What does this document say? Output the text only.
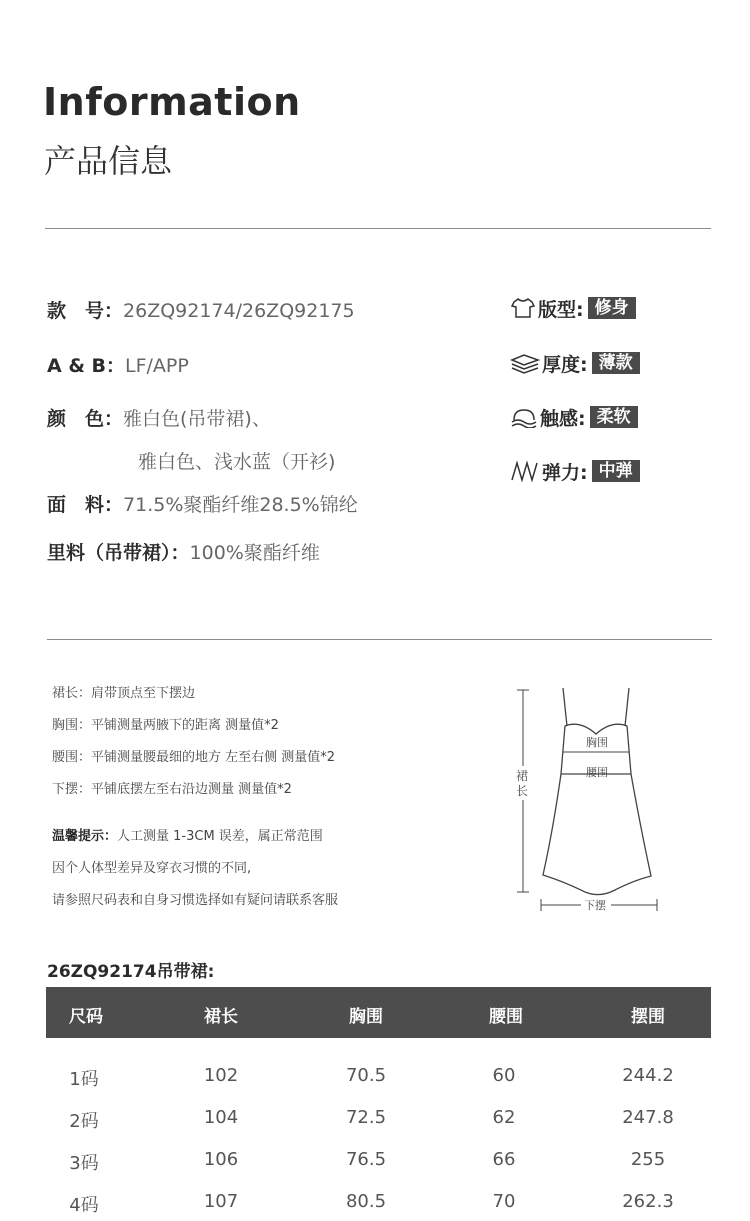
Information
产品信息
款　号：26ZQ92174/26ZQ92175
A & B：LF/APP
颜　色：雅白色(吊带裙)、
雅白色、浅水蓝（开衫)
面　料：71.5%聚酯纤维28.5%锦纶
里料（吊带裙）：100%聚酯纤维
版型: 修身
厚度: 薄款
触感: 柔软
弹力: 中弹
裙长：肩带顶点至下摆边
胸围：平铺测量两腋下的距离 测量值*2
腰围：平铺测量腰最细的地方 左至右侧 测量值*2
下摆：平铺底摆左至右沿边测量 测量值*2
温馨提示：人工测量 1-3CM 误差，属正常范围
因个人体型差异及穿衣习惯的不同,
请参照尺码表和自身习惯选择如有疑问请联系客服
胸围
腰围
裙
长
下摆
26ZQ92174吊带裙:
尺码	裙长	胸围	腰围	摆围
1码	102	70.5	60	244.2
2码	104	72.5	62	247.8
3码	106	76.5	66	255
4码	107	80.5	70	262.3
